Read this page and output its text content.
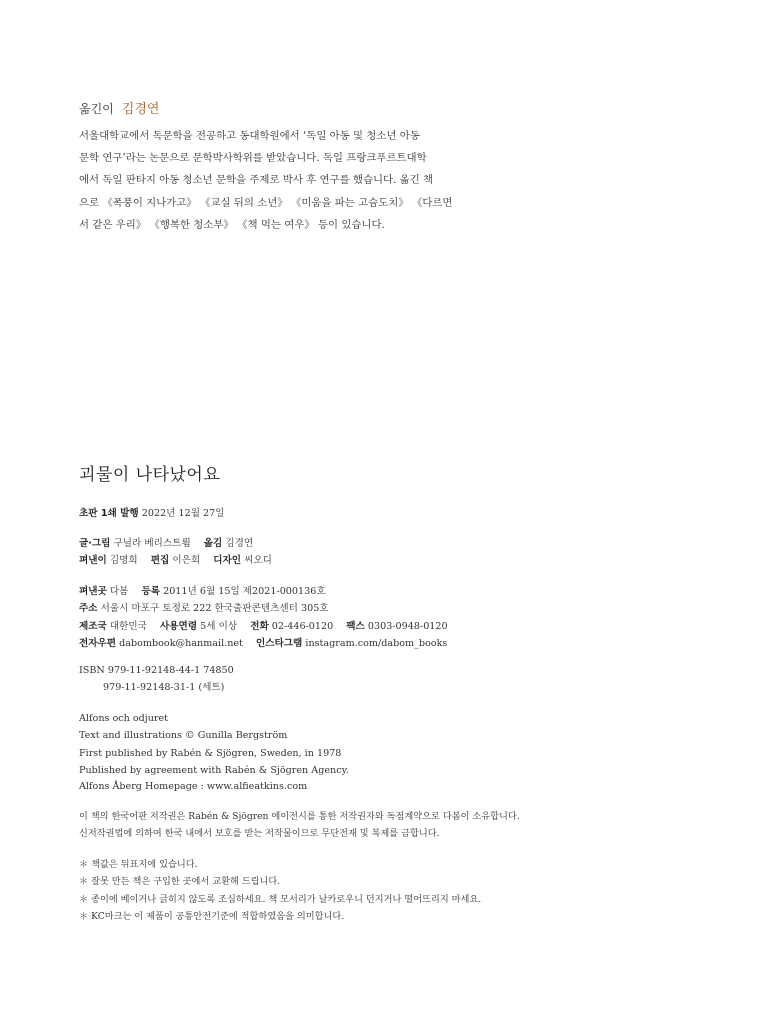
옮긴이 김경연
서울대학교에서 독문학을 전공하고 동대학원에서 ‘독일 아동 및 청소년 아동
문학 연구’라는 논문으로 문학박사학위를 받았습니다. 독일 프랑크푸르트대학
에서 독일 판타지 아동 청소년 문학을 주제로 박사 후 연구를 했습니다. 옮긴 책
으로 《폭풍이 지나가고》 《교실 뒤의 소년》 《미움을 파는 고슴도치》 《다르면
서 같은 우리》 《행복한 청소부》 《책 먹는 여우》 등이 있습니다.
괴물이 나타났어요
초판 1쇄 발행 2022년 12월 27일
글·그림 구닐라 베리스트룀 옮김 김경연
펴낸이 김명희 편집 이은희 디자인 씨오디
펴낸곳 다봄 등록 2011년 6월 15일 제2021-000136호
주소 서울시 마포구 토정로 222 한국출판콘텐츠센터 305호
제조국 대한민국 사용연령 5세 이상 전화 02-446-0120 팩스 0303-0948-0120
전자우편 dabombook@hanmail.net 인스타그램 instagram.com/dabom_books
ISBN 979-11-92148-44-1 74850
979-11-92148-31-1 (세트)
Alfons och odjuret
Text and illustrations © Gunilla Bergström
First published by Rabén & Sjögren, Sweden, in 1978
Published by agreement with Rabén & Sjögren Agency.
Alfons Åberg Homepage : www.alfieatkins.com
이 책의 한국어판 저작권은 Rabén & Sjögren 에이전시를 통한 저작권자와 독점계약으로 다봄이 소유합니다.
신저작권법에 의하여 한국 내에서 보호를 받는 저작물이므로 무단전재 및 복제를 금합니다.
＊ 책값은 뒤표지에 있습니다.
＊ 잘못 만든 책은 구입한 곳에서 교환해 드립니다.
＊ 종이에 베이거나 긁히지 않도록 조심하세요. 책 모서리가 날카로우니 던지거나 떨어뜨리지 마세요.
＊ KC마크는 이 제품이 공통안전기준에 적합하였음을 의미합니다.
